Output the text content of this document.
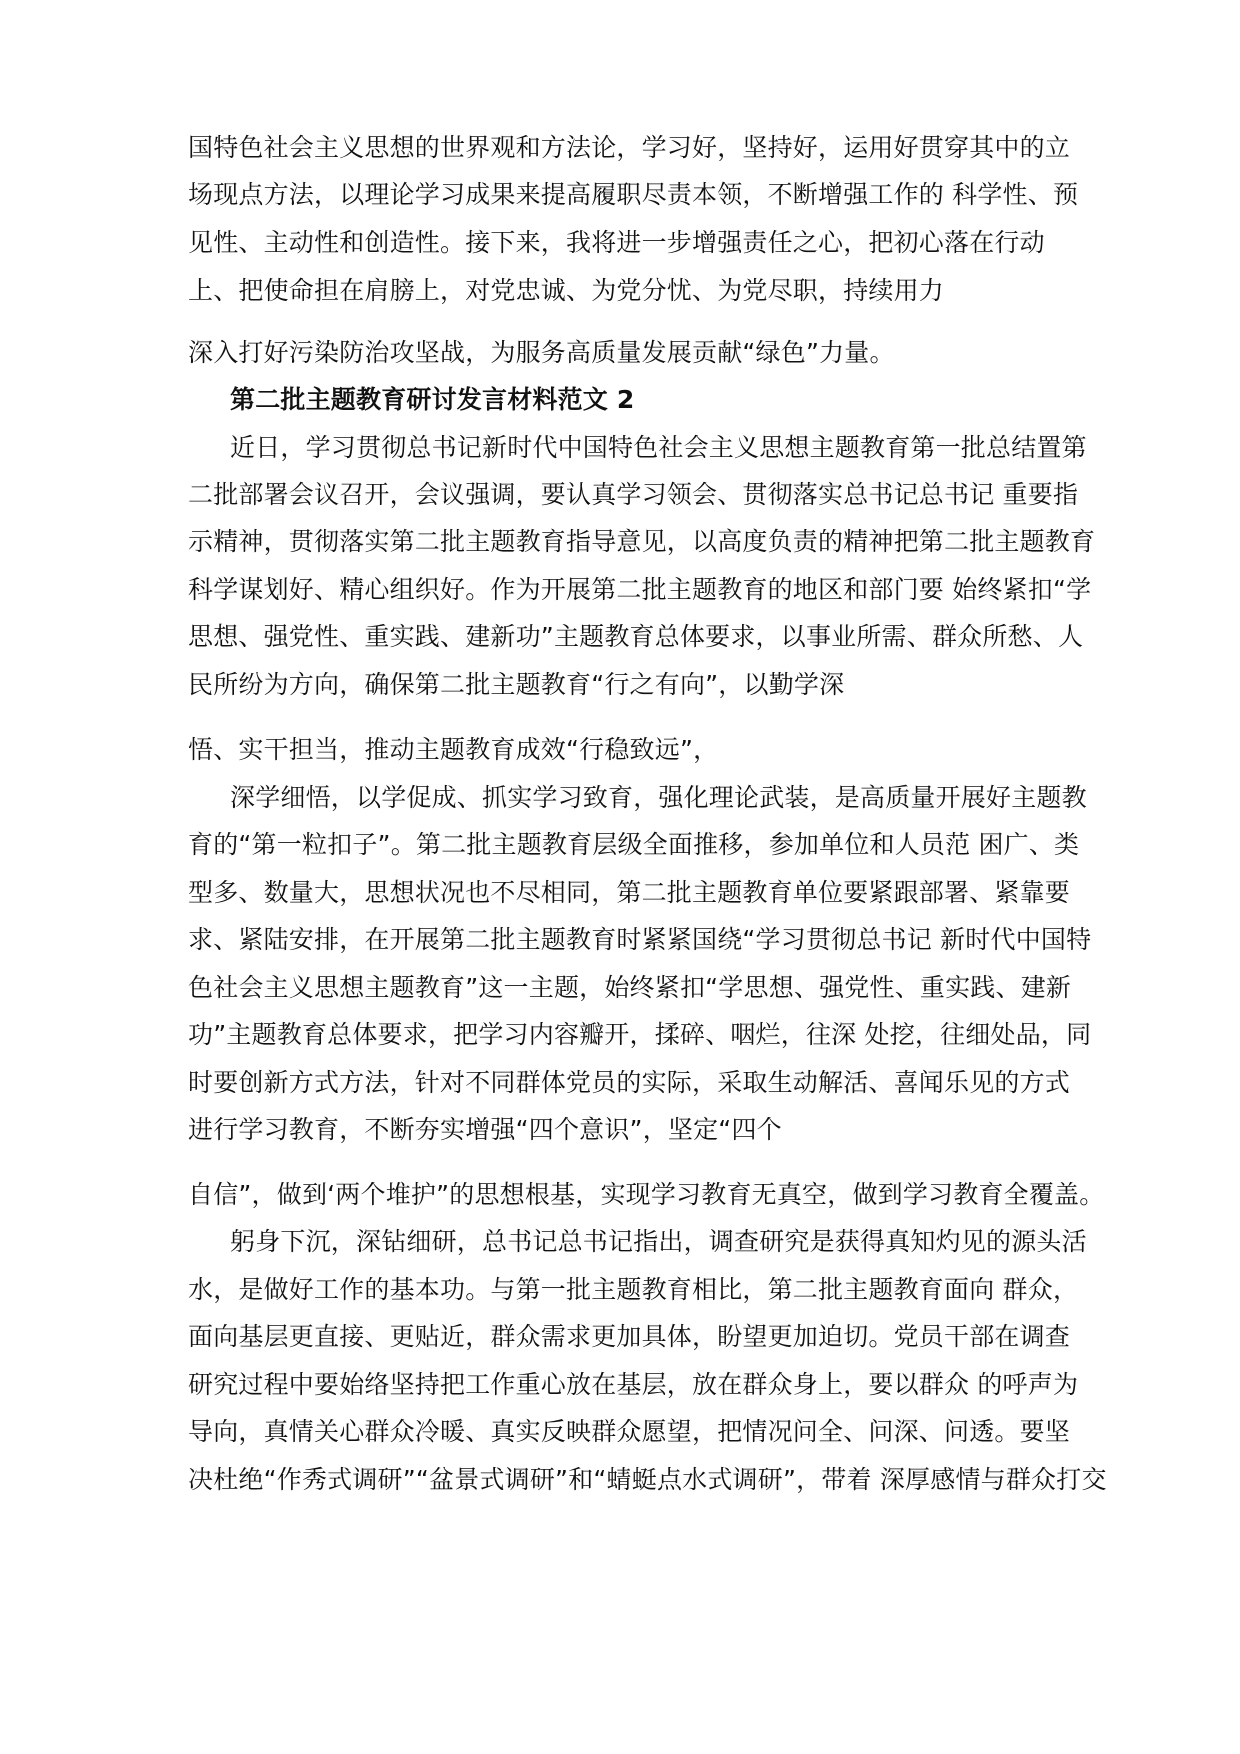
国特色社会主义思想的世界观和方法论，学习好，坚持好，运用好贯穿其中的立
场现点方法，以理论学习成果来提高履职尽责本领，不断增强工作的 科学性、预
见性、主动性和创造性。接下来，我将进一步增强责任之心，把初心落在行动
上、把使命担在肩膀上，对党忠诚、为党分忧、为党尽职，持续用力
深入打好污染防治攻坚战，为服务高质量发展贡献“绿色”力量。
第二批主题教育研讨发言材料范文 2
近日，学习贯彻总书记新时代中国特色社会主义思想主题教育第一批总结置第
二批部署会议召开，会议强调，要认真学习领会、贯彻落实总书记总书记 重要指
示精神，贯彻落实第二批主题教育指导意见，以高度负责的精神把第二批主题教育
科学谋划好、精心组织好。作为开展第二批主题教育的地区和部门要 始终紧扣“学
思想、强党性、重实践、建新功”主题教育总体要求，以事业所需、群众所愁、人
民所纷为方向，确保第二批主题教育“行之有向”，以勤学深
悟、实干担当，推动主题教育成效“行稳致远”，
深学细悟，以学促成、抓实学习致育，强化理论武装，是高质量开展好主题教
育的“第一粒扣子”。第二批主题教育层级全面推移，参加单位和人员范 困广、类
型多、数量大，思想状况也不尽相同，第二批主题教育单位要紧跟部署、紧靠要
求、紧陆安排，在开展第二批主题教育时紧紧国绕“学习贯彻总书记 新时代中国特
色社会主义思想主题教育”这一主题，始终紧扣“学思想、强党性、重实践、建新
功”主题教育总体要求，把学习内容瓣开，揉碎、咽烂，往深 处挖，往细处品，同
时要创新方式方法，针对不同群体党员的实际，采取生动解活、喜闻乐见的方式
进行学习教育，不断夯实增强“四个意识”，坚定“四个
自信”，做到‘两个堆护”的思想根基，实现学习教育无真空，做到学习教育全覆盖。
躬身下沉，深钻细研，总书记总书记指出，调查研究是获得真知灼见的源头活
水，是做好工作的基本功。与第一批主题教育相比，第二批主题教育面向 群众，
面向基层更直接、更贴近，群众需求更加具体，盼望更加迫切。党员干部在调查
研究过程中要始络坚持把工作重心放在基层，放在群众身上，要以群众 的呼声为
导向，真情关心群众冷暖、真实反映群众愿望，把情况问全、问深、问透。要坚
决杜绝“作秀式调研”“盆景式调研”和“蜻蜓点水式调研”，带着 深厚感情与群众打交
